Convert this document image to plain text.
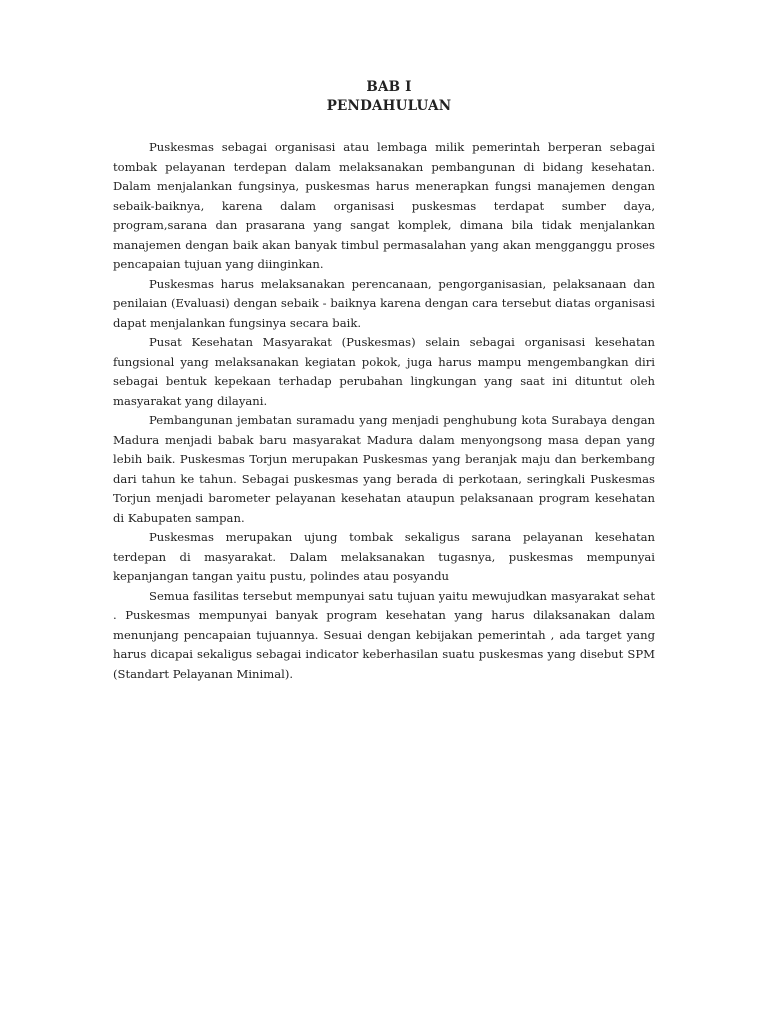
BAB I
PENDAHULUAN

Puskesmas sebagai organisasi atau lembaga milik pemerintah berperan sebagai tombak pelayanan terdepan dalam melaksanakan pembangunan di bidang kesehatan. Dalam menjalankan fungsinya, puskesmas harus menerapkan fungsi manajemen dengan sebaik-baiknya, karena dalam organisasi puskesmas terdapat sumber daya, program,sarana dan prasarana yang sangat komplek, dimana bila tidak menjalankan manajemen dengan baik akan banyak timbul permasalahan yang akan mengganggu proses pencapaian tujuan yang diinginkan.

Puskesmas harus melaksanakan perencanaan, pengorganisasian, pelaksanaan dan penilaian (Evaluasi) dengan sebaik - baiknya karena dengan cara tersebut diatas organisasi dapat menjalankan fungsinya secara baik.

Pusat Kesehatan Masyarakat (Puskesmas) selain sebagai organisasi kesehatan fungsional yang melaksanakan kegiatan pokok, juga harus mampu mengembangkan diri sebagai bentuk kepekaan terhadap perubahan lingkungan yang saat ini dituntut oleh masyarakat yang dilayani.

Pembangunan jembatan suramadu yang menjadi penghubung kota Surabaya dengan Madura menjadi babak baru masyarakat Madura dalam menyongsong masa depan yang lebih baik. Puskesmas Torjun merupakan Puskesmas yang beranjak maju dan berkembang dari tahun ke tahun. Sebagai puskesmas yang berada di perkotaan, seringkali Puskesmas Torjun menjadi barometer pelayanan kesehatan ataupun pelaksanaan program kesehatan di Kabupaten sampan.

Puskesmas merupakan ujung tombak sekaligus sarana pelayanan kesehatan terdepan di masyarakat. Dalam melaksanakan tugasnya, puskesmas mempunyai kepanjangan tangan yaitu pustu, polindes atau posyandu

Semua fasilitas tersebut mempunyai satu tujuan yaitu mewujudkan masyarakat sehat . Puskesmas mempunyai banyak program kesehatan yang harus dilaksanakan dalam menunjang pencapaian tujuannya. Sesuai dengan kebijakan pemerintah , ada target yang harus dicapai sekaligus sebagai indicator keberhasilan suatu puskesmas yang disebut SPM (Standart Pelayanan Minimal).
